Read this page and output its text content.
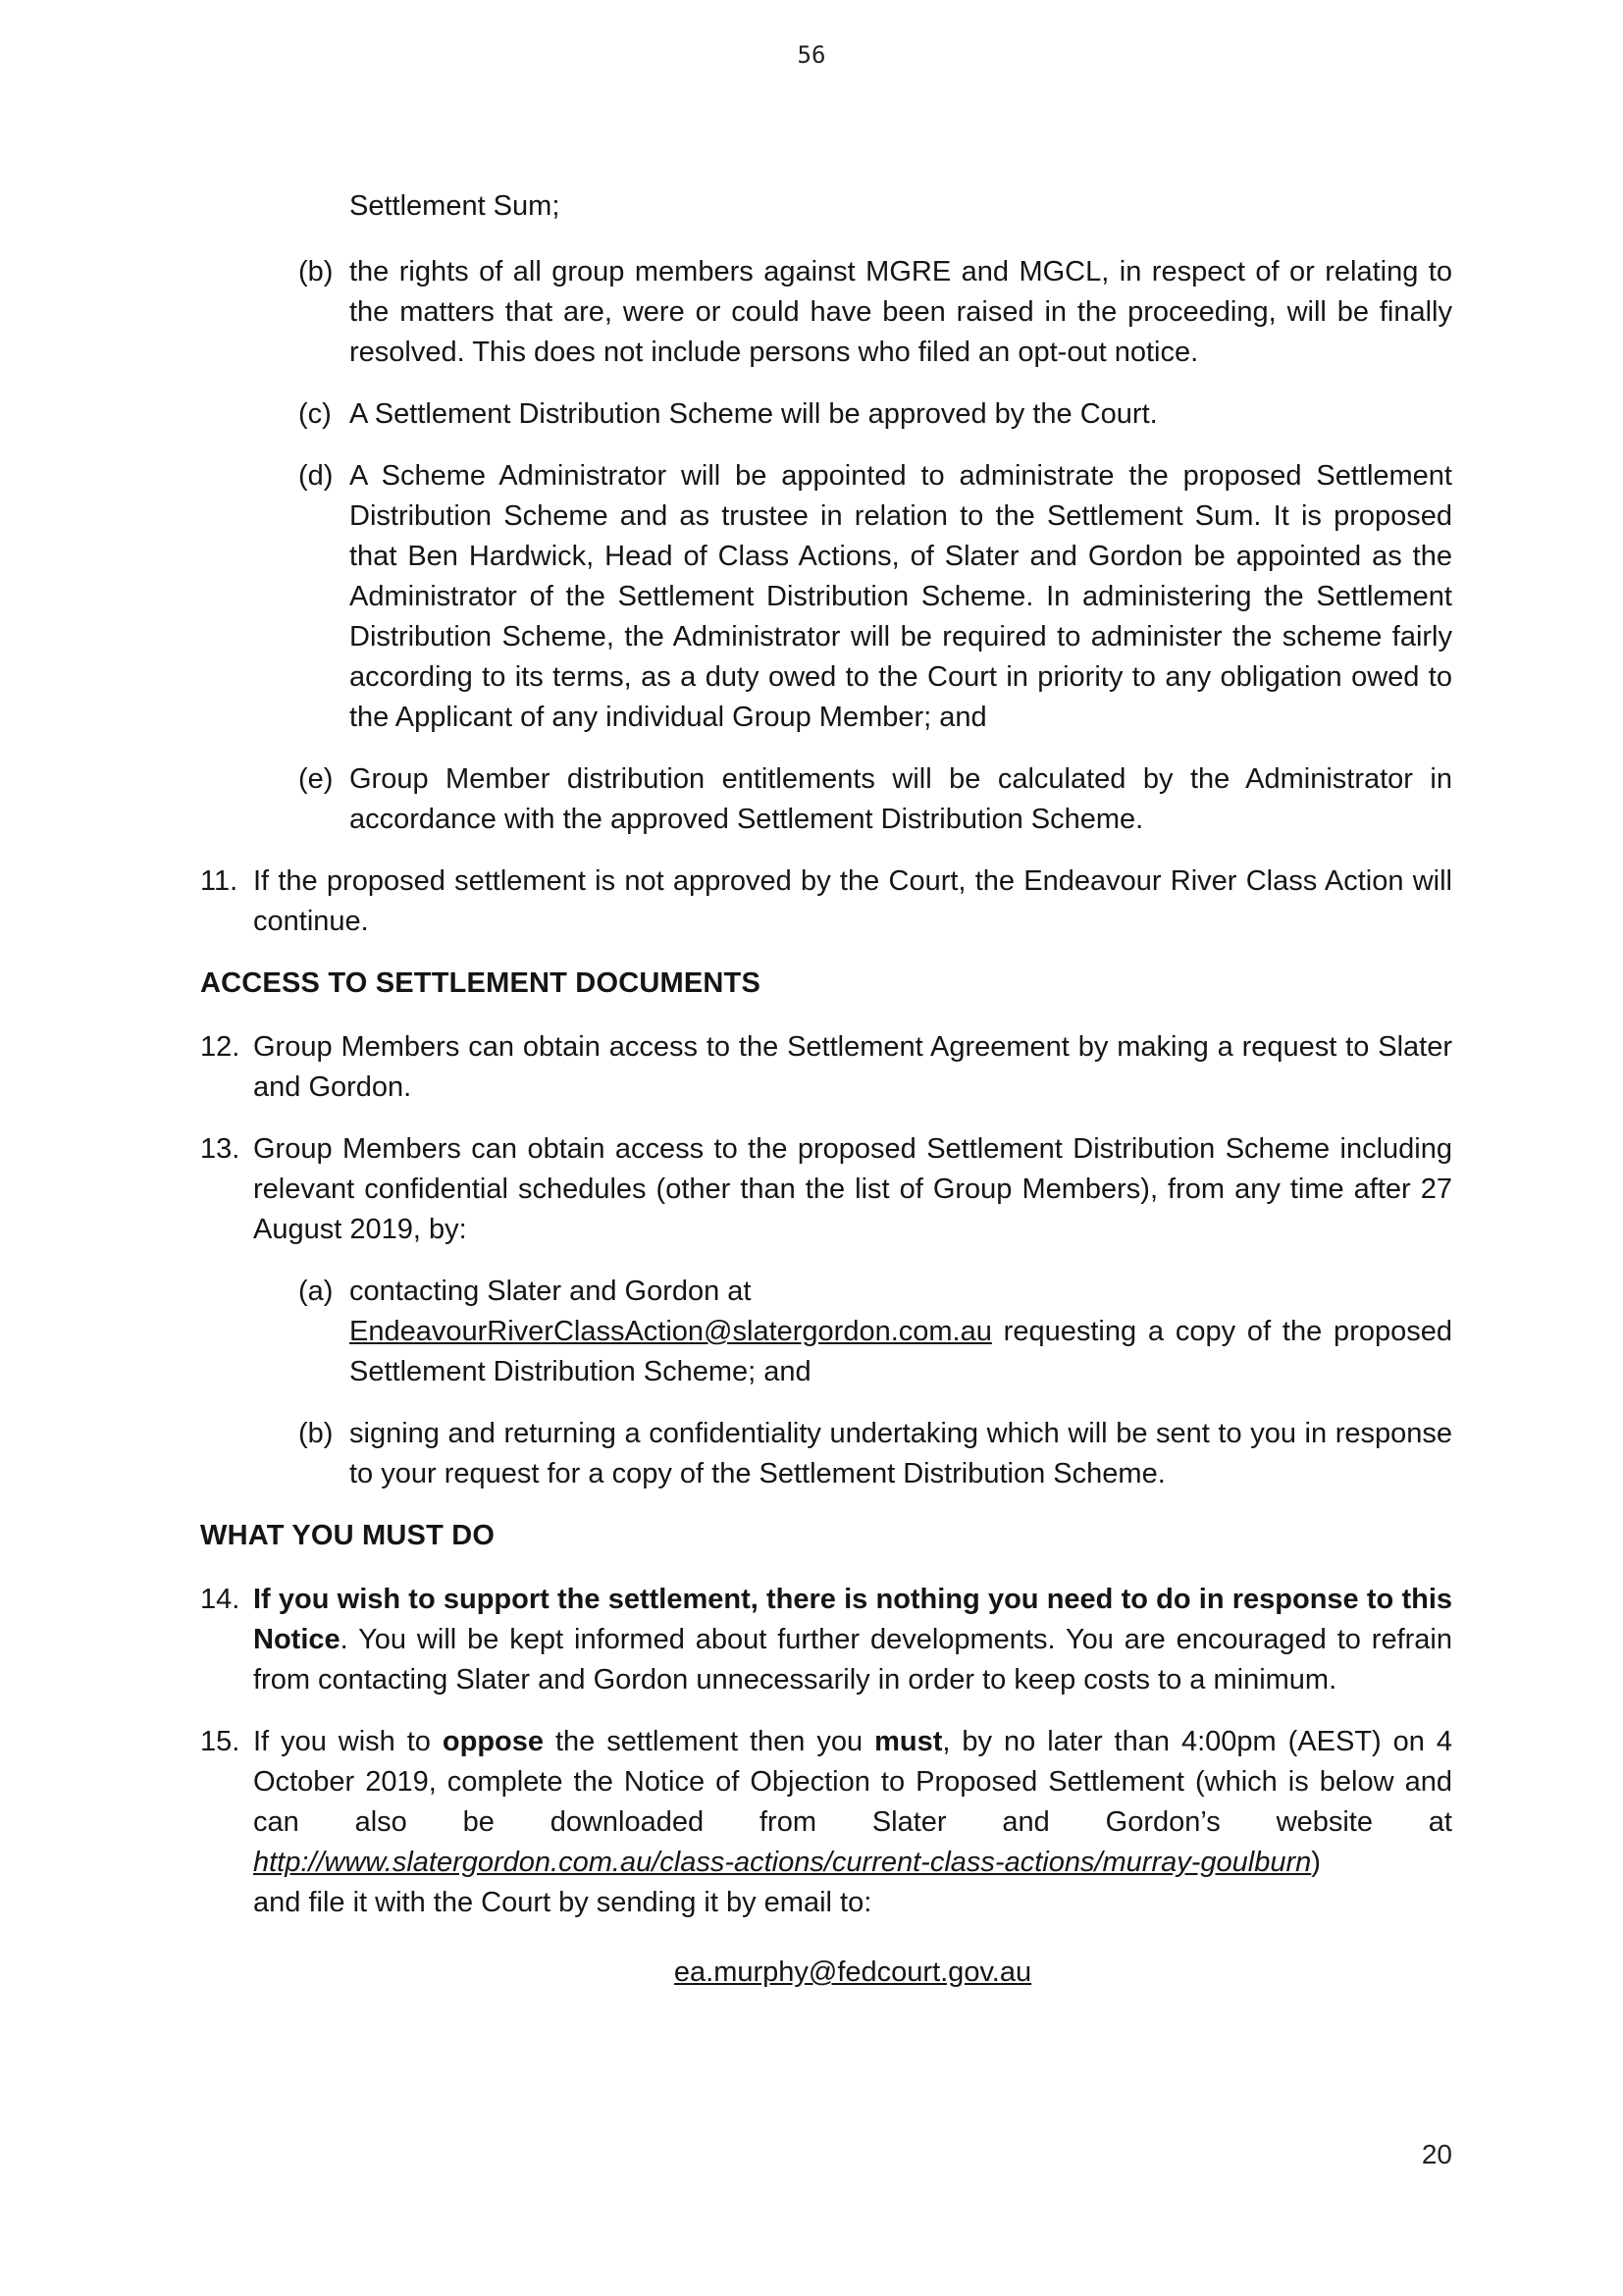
56

Settlement Sum;

(b) the rights of all group members against MGRE and MGCL, in respect of or relating to the matters that are, were or could have been raised in the proceeding, will be finally resolved. This does not include persons who filed an opt-out notice.
(c) A Settlement Distribution Scheme will be approved by the Court.
(d) A Scheme Administrator will be appointed to administrate the proposed Settlement Distribution Scheme and as trustee in relation to the Settlement Sum. It is proposed that Ben Hardwick, Head of Class Actions, of Slater and Gordon be appointed as the Administrator of the Settlement Distribution Scheme. In administering the Settlement Distribution Scheme, the Administrator will be required to administer the scheme fairly according to its terms, as a duty owed to the Court in priority to any obligation owed to the Applicant of any individual Group Member; and
(e) Group Member distribution entitlements will be calculated by the Administrator in accordance with the approved Settlement Distribution Scheme.
11. If the proposed settlement is not approved by the Court, the Endeavour River Class Action will continue.
ACCESS TO SETTLEMENT DOCUMENTS
12. Group Members can obtain access to the Settlement Agreement by making a request to Slater and Gordon.
13. Group Members can obtain access to the proposed Settlement Distribution Scheme including relevant confidential schedules (other than the list of Group Members), from any time after 27 August 2019, by:
(a) contacting Slater and Gordon at
EndeavourRiverClassAction@slatergordon.com.au requesting a copy of the proposed Settlement Distribution Scheme; and
(b) signing and returning a confidentiality undertaking which will be sent to you in response to your request for a copy of the Settlement Distribution Scheme.
WHAT YOU MUST DO
14. If you wish to support the settlement, there is nothing you need to do in response to this Notice. You will be kept informed about further developments. You are encouraged to refrain from contacting Slater and Gordon unnecessarily in order to keep costs to a minimum.
15. If you wish to oppose the settlement then you must, by no later than 4:00pm (AEST) on 4 October 2019, complete the Notice of Objection to Proposed Settlement (which is below and can also be downloaded from Slater and Gordon’s website at http://www.slatergordon.com.au/class-actions/current-class-actions/murray-goulburn)
and file it with the Court by sending it by email to:
ea.murphy@fedcourt.gov.au
20
